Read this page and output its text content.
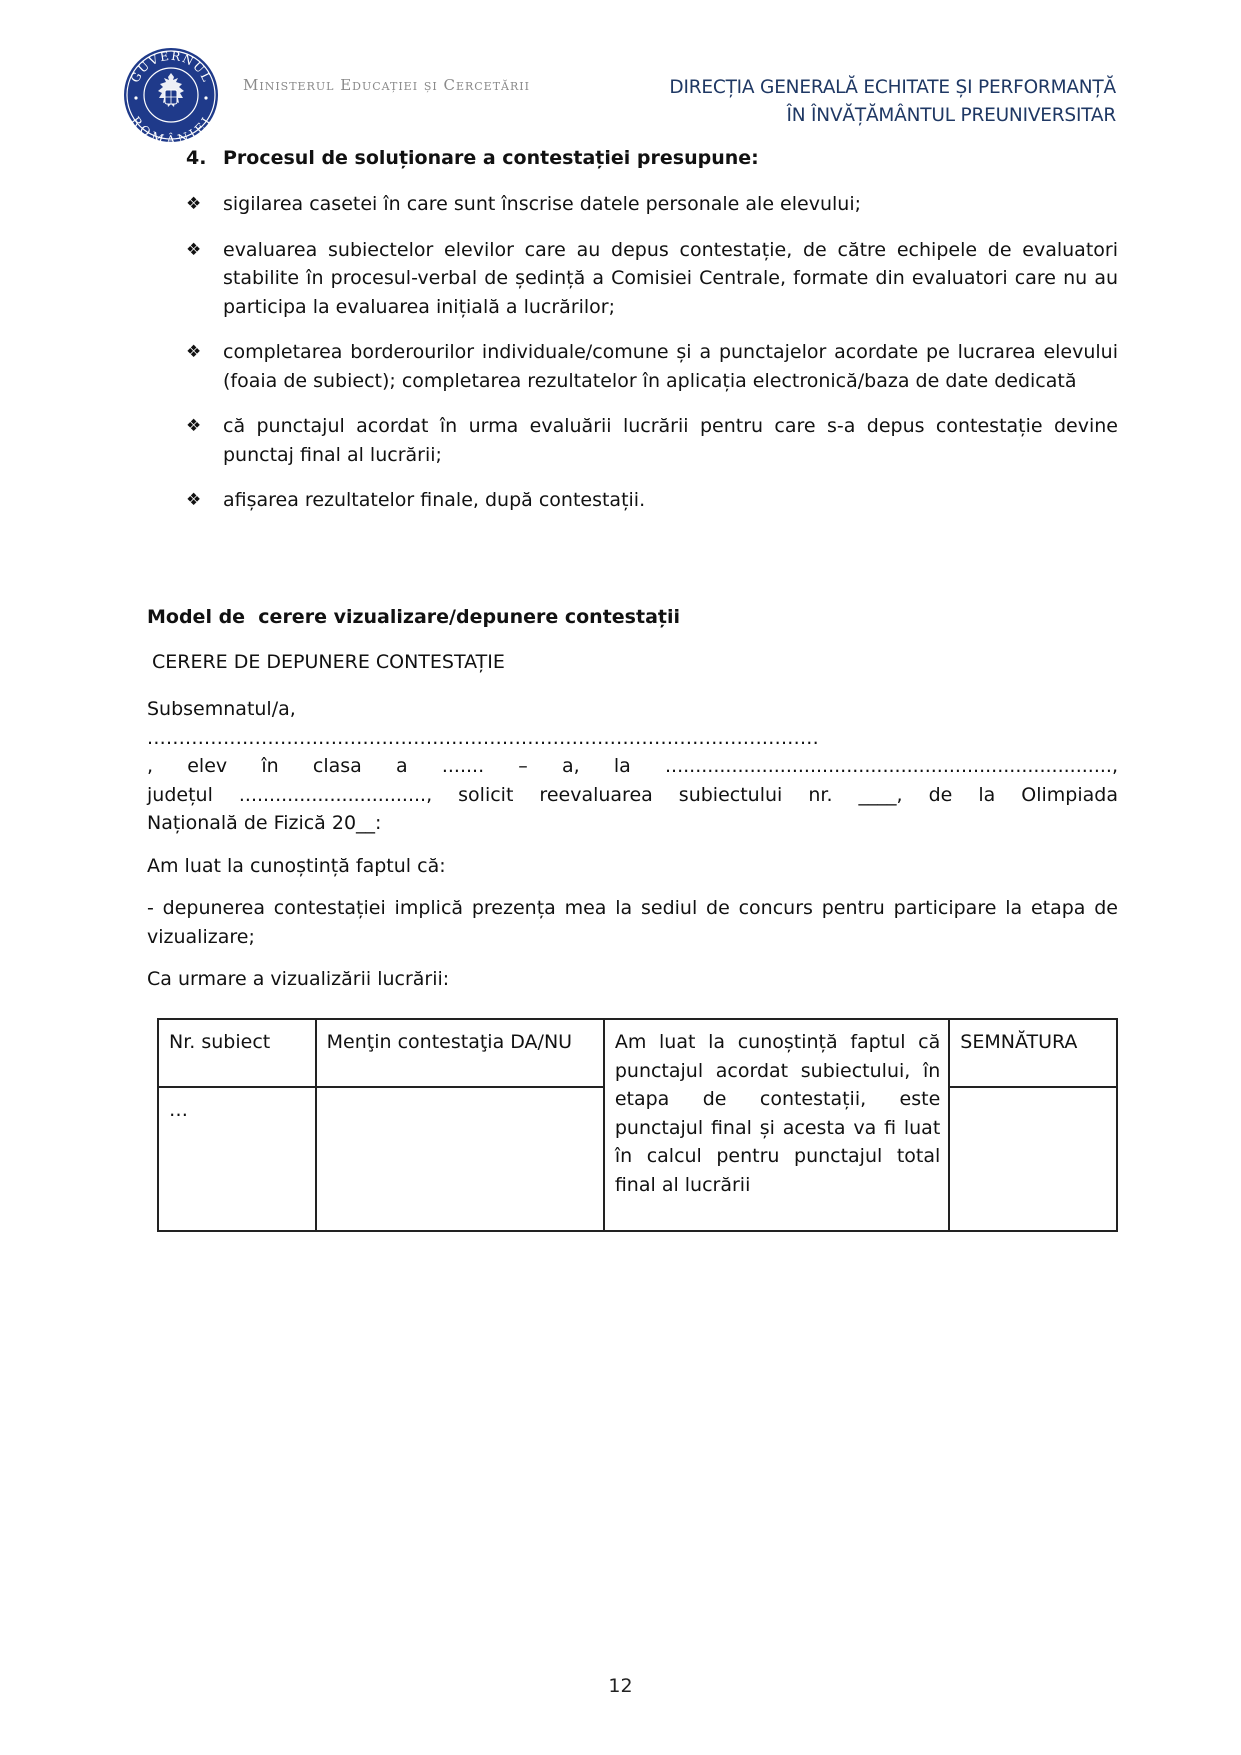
GUVERNUL
ROMÂNIEI
Ministerul Educației și Cercetării	DIRECȚIA GENERALĂ ECHITATE ȘI PERFORMANȚĂ
ÎN ÎNVĂȚĂMÂNTUL PREUNIVERSITAR
4. Procesul de soluționare a contestației presupune:
❖ sigilarea casetei în care sunt înscrise datele personale ale elevului;
❖ evaluarea subiectelor elevilor care au depus contestație, de către echipele de evaluatori stabilite în procesul-verbal de ședință a Comisiei Centrale, formate din evaluatori care nu au participa la evaluarea inițială a lucrărilor;
❖ completarea borderourilor individuale/comune și a punctajelor acordate pe lucrarea elevului (foaia de subiect); completarea rezultatelor în aplicația electronică/baza de date dedicată
❖ că punctajul acordat în urma evaluării lucrării pentru care s-a depus contestație devine punctaj final al lucrării;
❖ afișarea rezultatelor finale, după contestații.
Model de  cerere vizualizare/depunere contestații
CERERE DE DEPUNERE CONTESTAȚIE

Subsemnatul/a,

..........................................................................................................

, elev în clasa a ....... – a, la ..........................................................................,

județul ..............................., solicit reevaluarea subiectului nr. ____, de la Olimpiada

Națională de Fizică 20__:

Am luat la cunoștință faptul că:

- depunerea contestației implică prezența mea la sediul de concurs pentru participare la etapa de vizualizare;

Ca urmare a vizualizării lucrării:

Nr. subiect	Menţin contestaţia DA/NU	Am luat la cunoștință faptul că punctajul acordat subiectului, în etapa de contestații, este punctajul final și acesta va fi luat în calcul pentru punctajul total final al lucrării	SEMNĂTURA
…			
12
